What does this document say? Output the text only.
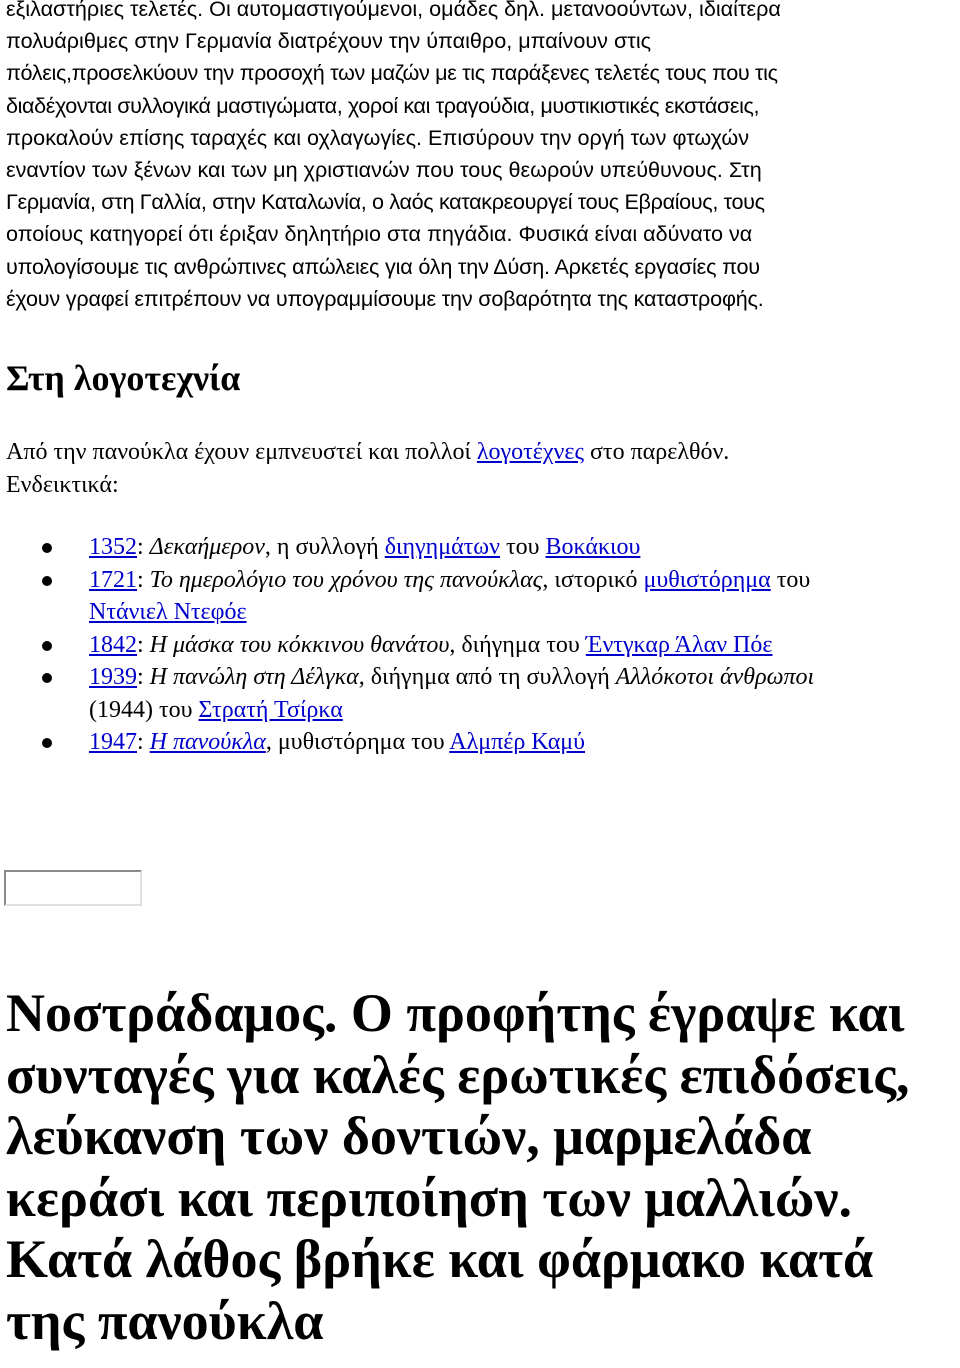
εξιλαστήριες τελετές. Οι αυτομαστιγούμενοι, ομάδες δηλ. μετανοούντων, ιδιαίτερα
πολυάριθμες στην Γερμανία διατρέχουν την ύπαιθρο, μπαίνουν στις
πόλεις,προσελκύουν την προσοχή των μαζών με τις παράξενες τελετές τους που τις
διαδέχονται συλλογικά μαστιγώματα, χοροί και τραγούδια, μυστικιστικές εκστάσεις,
προκαλούν επίσης ταραχές και οχλαγωγίες. Επισύρουν την οργή των φτωχών
εναντίον των ξένων και των μη χριστιανών που τους θεωρούν υπεύθυνους. Στη
Γερμανία, στη Γαλλία, στην Καταλωνία, ο λαός κατακρεουργεί τους Εβραίους, τους
οποίους κατηγορεί ότι έριξαν δηλητήριο στα πηγάδια. Φυσικά είναι αδύνατο να
υπολογίσουμε τις ανθρώπινες απώλειες για όλη την Δύση. Αρκετές εργασίες που
έχουν γραφεί επιτρέπουν να υπογραμμίσουμε την σοβαρότητα της καταστροφής.

Στη λογοτεχνία

Από την πανούκλα έχουν εμπνευστεί και πολλοί λογοτέχνες στο παρελθόν.
Ενδεικτικά:

1352: Δεκαήμερον, η συλλογή διηγημάτων του Βοκάκιου
1721: Το ημερολόγιο του χρόνου της πανούκλας, ιστορικό μυθιστόρημα του
Ντάνιελ Ντεφόε
1842: Η μάσκα του κόκκινου θανάτου, διήγημα του Έντγκαρ Άλαν Πόε
1939: Η πανώλη στη Δέλγκα, διήγημα από τη συλλογή Αλλόκοτοι άνθρωποι
(1944) του Στρατή Τσίρκα
1947: Η πανούκλα, μυθιστόρημα του Αλμπέρ Καμύ
Νοστράδαμος. Ο προφήτης έγραψε και
συνταγές για καλές ερωτικές επιδόσεις,
λεύκανση των δοντιών, μαρμελάδα
κεράσι και περιποίηση των μαλλιών.
Κατά λάθος βρήκε και φάρμακο κατά
της πανούκλα
